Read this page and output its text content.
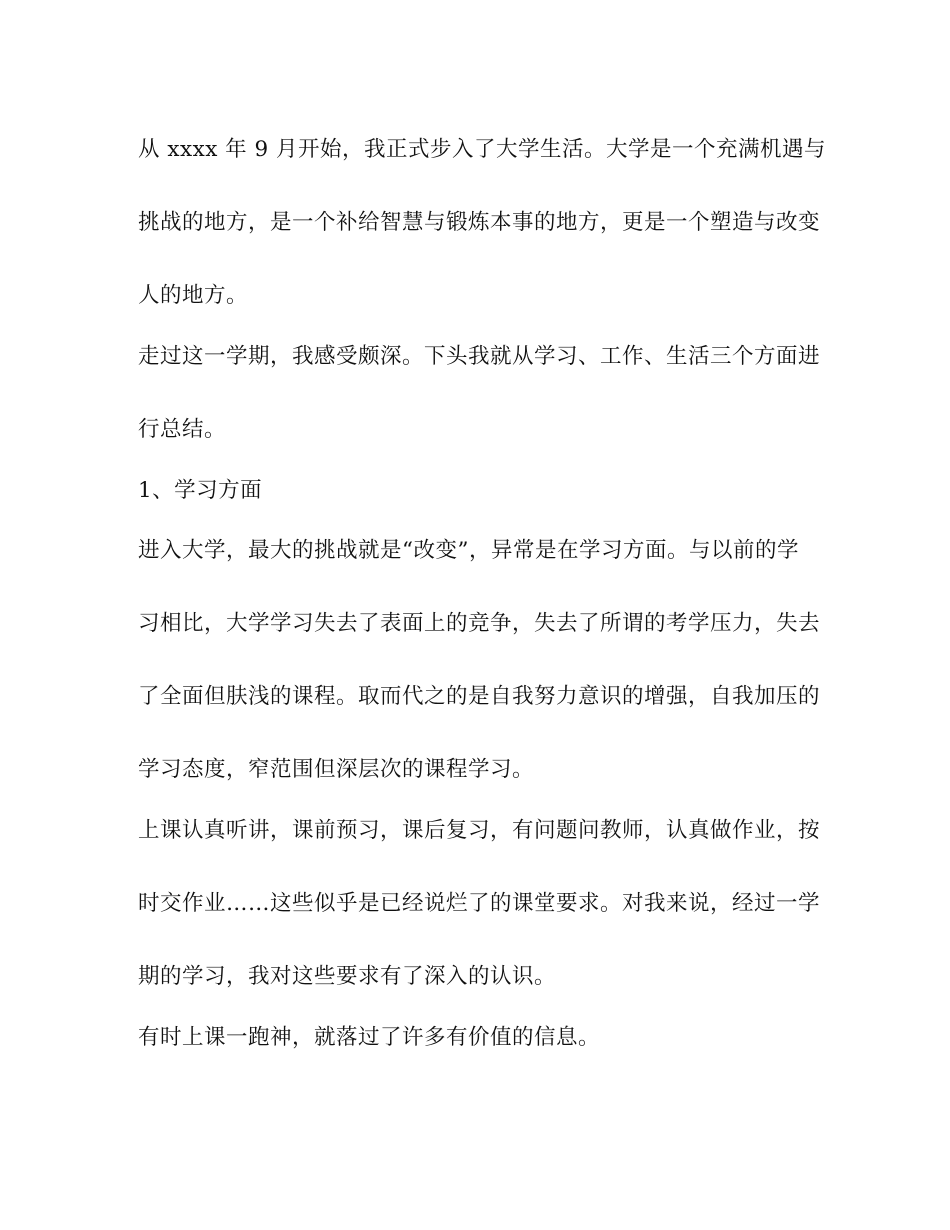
从 xxxx 年 9 月开始，我正式步入了大学生活。大学是一个充满机遇与
挑战的地方，是一个补给智慧与锻炼本事的地方，更是一个塑造与改变
人的地方。
走过这一学期，我感受颇深。下头我就从学习、工作、生活三个方面进
行总结。
1、学习方面
进入大学，最大的挑战就是“改变”，异常是在学习方面。与以前的学
习相比，大学学习失去了表面上的竞争，失去了所谓的考学压力，失去
了全面但肤浅的课程。取而代之的是自我努力意识的增强，自我加压的
学习态度，窄范围但深层次的课程学习。
上课认真听讲，课前预习，课后复习，有问题问教师，认真做作业，按
时交作业……这些似乎是已经说烂了的课堂要求。对我来说，经过一学
期的学习，我对这些要求有了深入的认识。
有时上课一跑神，就落过了许多有价值的信息。
